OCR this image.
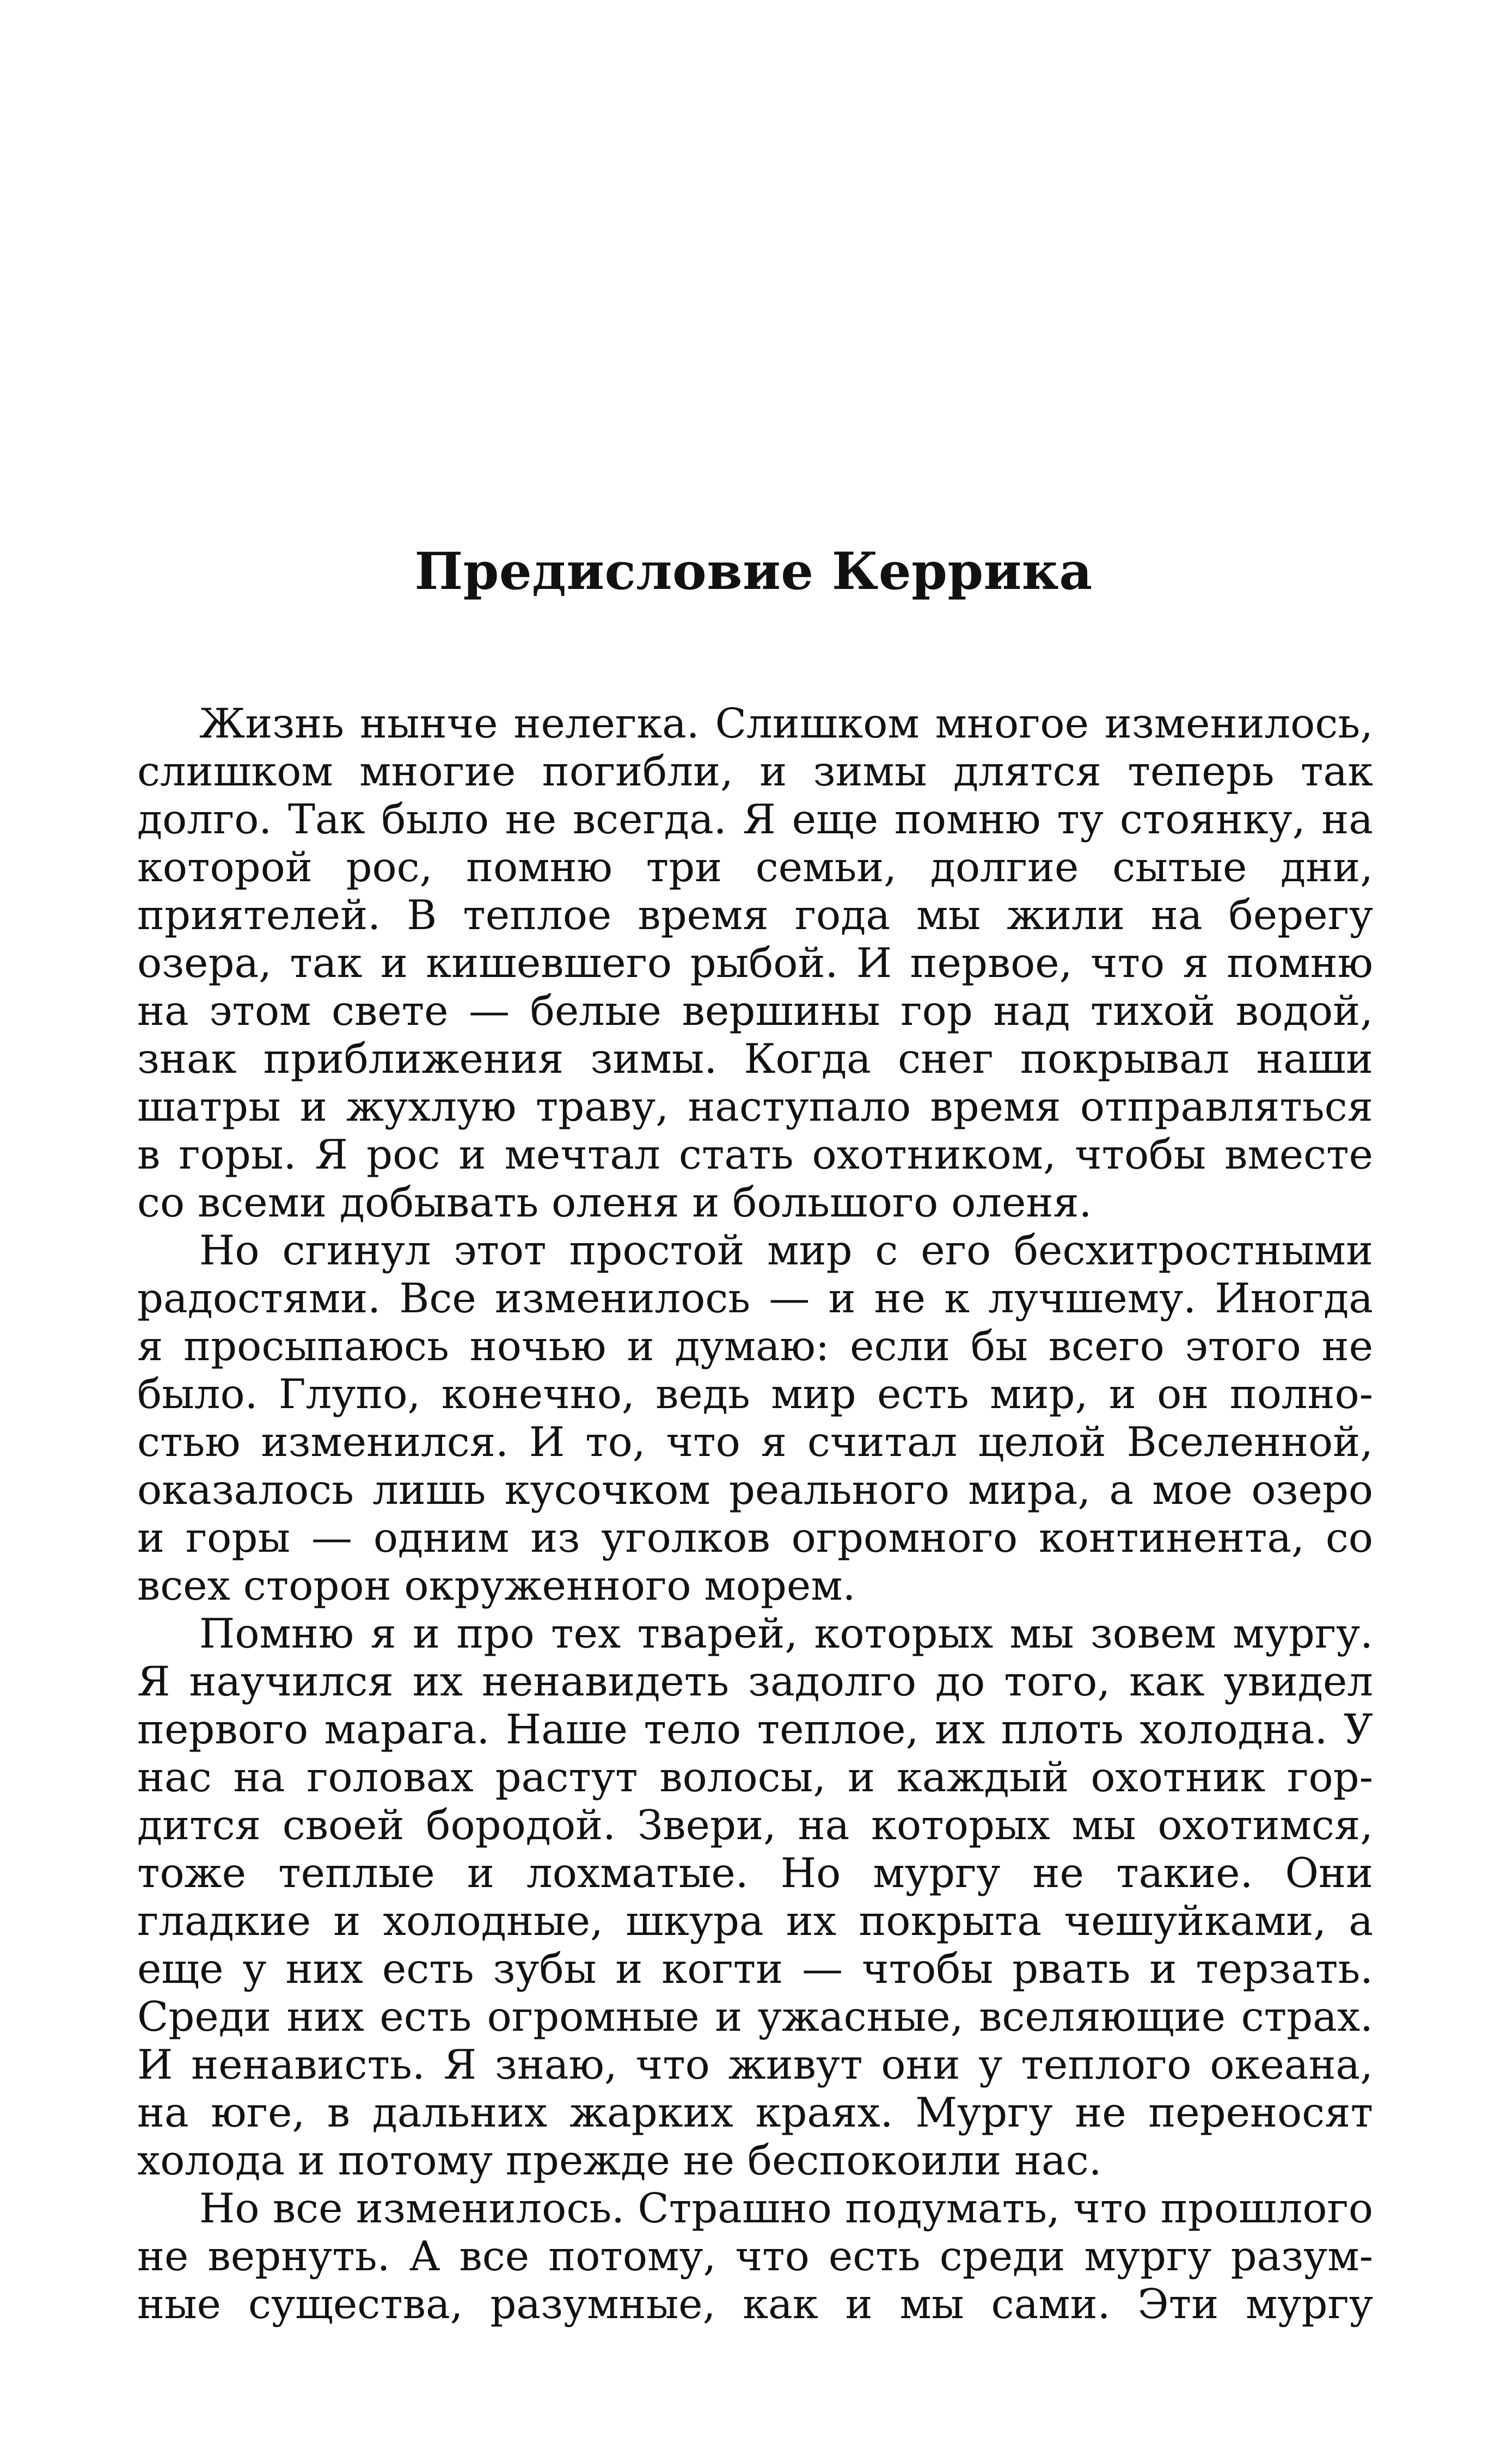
Предисловие Керрика
Жизнь нынче нелегка. Слишком многое изменилось,
слишком многие погибли, и зимы длятся теперь так
долго. Так было не всегда. Я еще помню ту стоянку, на
которой рос, помню три семьи, долгие сытые дни,
приятелей. В теплое время года мы жили на берегу
озера, так и кишевшего рыбой. И первое, что я помню
на этом свете — белые вершины гор над тихой водой,
знак приближения зимы. Когда снег покрывал наши
шатры и жухлую траву, наступало время отправляться
в горы. Я рос и мечтал стать охотником, чтобы вместе
со всеми добывать оленя и большого оленя.
Но сгинул этот простой мир с его бесхитростными
радостями. Все изменилось — и не к лучшему. Иногда
я просыпаюсь ночью и думаю: если бы всего этого не
было. Глупо, конечно, ведь мир есть мир, и он полно-
стью изменился. И то, что я считал целой Вселенной,
оказалось лишь кусочком реального мира, а мое озеро
и горы — одним из уголков огромного континента, со
всех сторон окруженного морем.
Помню я и про тех тварей, которых мы зовем мургу.
Я научился их ненавидеть задолго до того, как увидел
первого марага. Наше тело теплое, их плоть холодна. У
нас на головах растут волосы, и каждый охотник гор-
дится своей бородой. Звери, на которых мы охотимся,
тоже теплые и лохматые. Но мургу не такие. Они
гладкие и холодные, шкура их покрыта чешуйками, а
еще у них есть зубы и когти — чтобы рвать и терзать.
Среди них есть огромные и ужасные, вселяющие страх.
И ненависть. Я знаю, что живут они у теплого океана,
на юге, в дальних жарких краях. Мургу не переносят
холода и потому прежде не беспокоили нас.
Но все изменилось. Страшно подумать, что прошлого
не вернуть. А все потому, что есть среди мургу разум-
ные существа, разумные, как и мы сами. Эти мургу
